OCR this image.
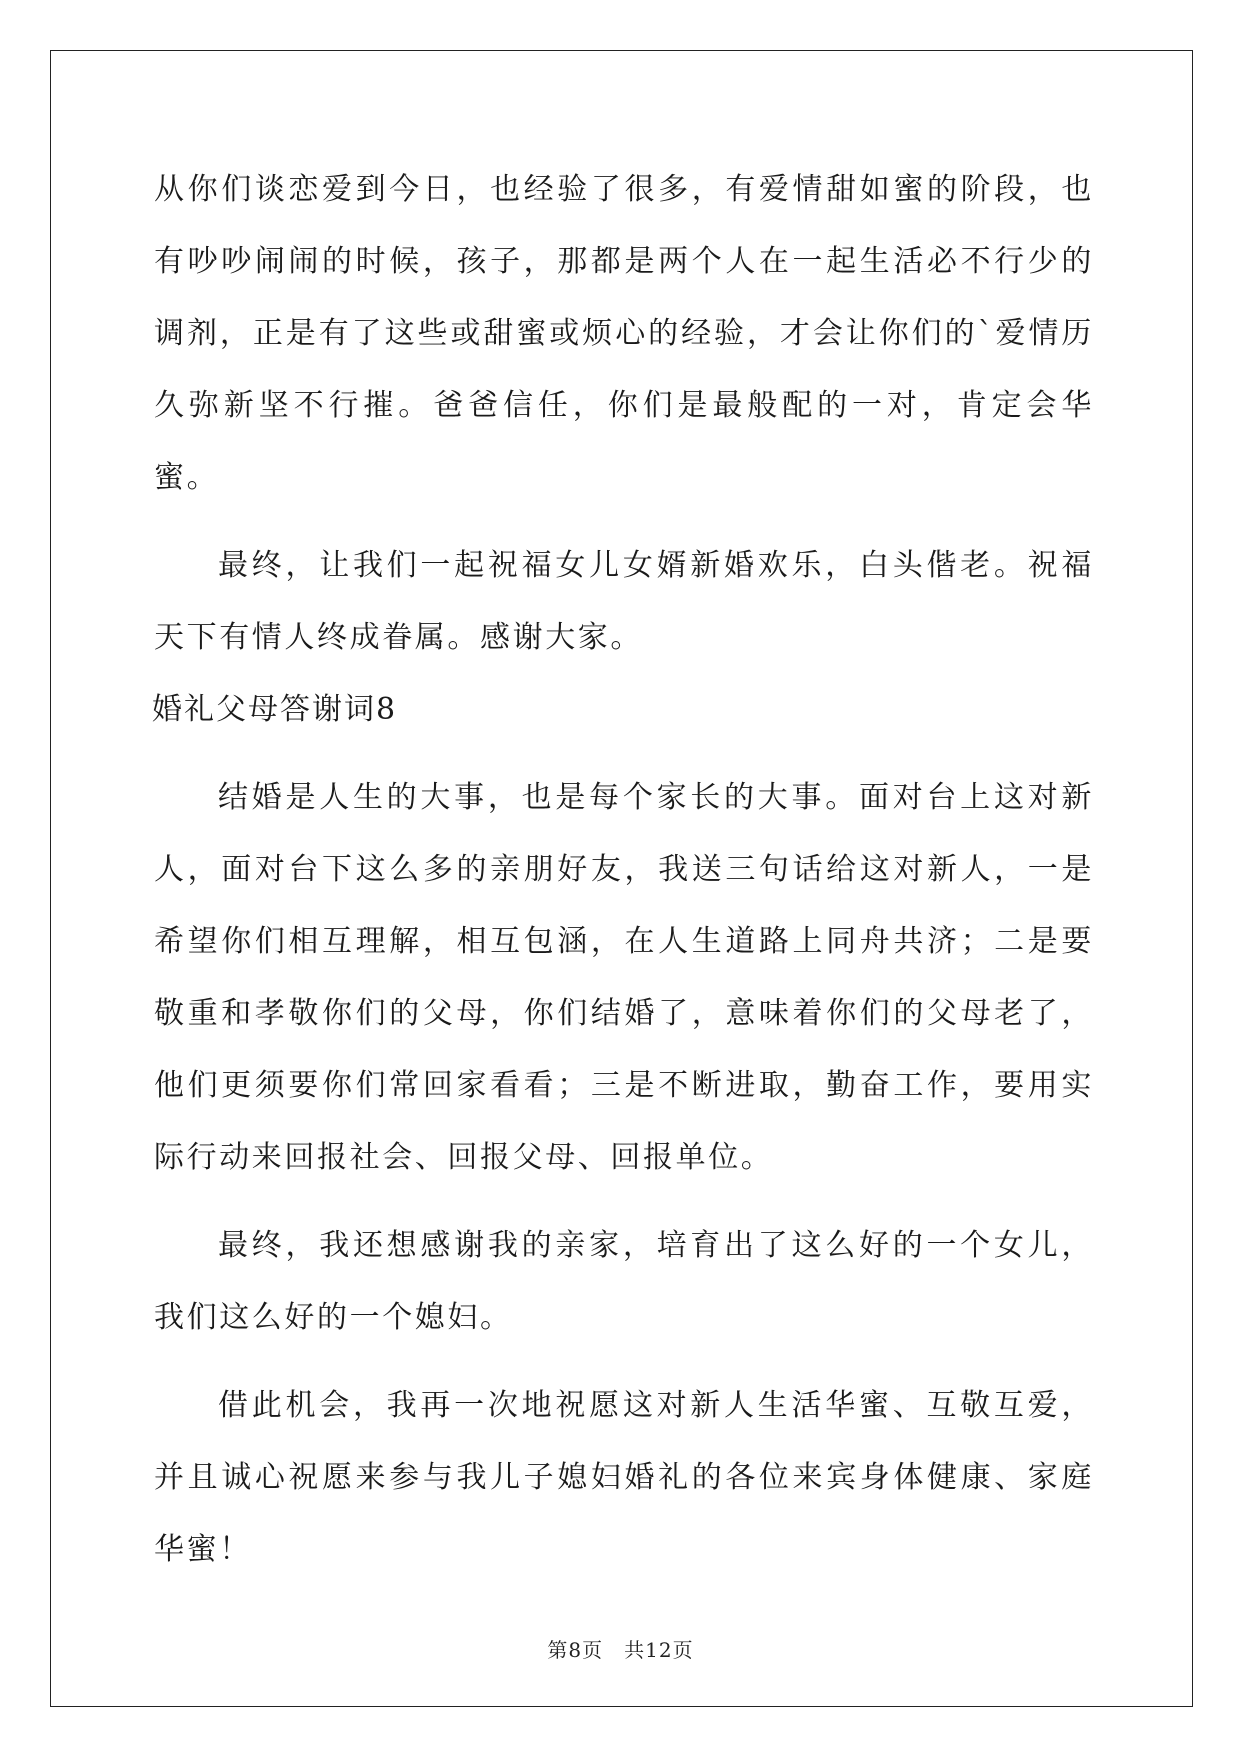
从你们谈恋爱到今日，也经验了很多，有爱情甜如蜜的阶段，也有吵吵闹闹的时候，孩子，那都是两个人在一起生活必不行少的调剂，正是有了这些或甜蜜或烦心的经验，才会让你们的`爱情历久弥新坚不行摧。爸爸信任，你们是最般配的一对，肯定会华蜜。

最终，让我们一起祝福女儿女婿新婚欢乐，白头偕老。祝福天下有情人终成眷属。感谢大家。

婚礼父母答谢词8

结婚是人生的大事，也是每个家长的大事。面对台上这对新人，面对台下这么多的亲朋好友，我送三句话给这对新人，一是希望你们相互理解，相互包涵，在人生道路上同舟共济；二是要敬重和孝敬你们的父母，你们结婚了，意味着你们的父母老了，他们更须要你们常回家看看；三是不断进取，勤奋工作，要用实际行动来回报社会、回报父母、回报单位。

最终，我还想感谢我的亲家，培育出了这么好的一个女儿，我们这么好的一个媳妇。

借此机会，我再一次地祝愿这对新人生活华蜜、互敬互爱，并且诚心祝愿来参与我儿子媳妇婚礼的各位来宾身体健康、家庭华蜜！

第8页　共12页
